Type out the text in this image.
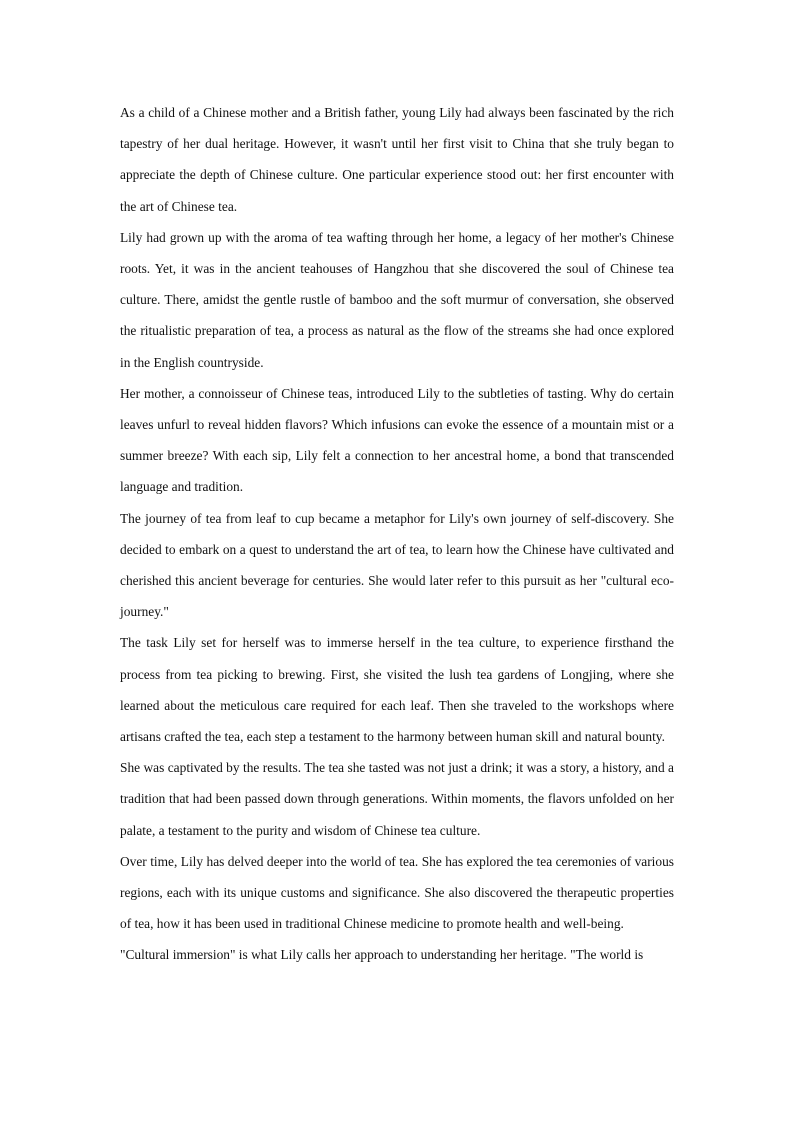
As a child of a Chinese mother and a British father, young Lily had always been fascinated by the rich tapestry of her dual heritage. However, it wasn't until her first visit to China that she truly began to appreciate the depth of Chinese culture. One particular experience stood out: her first encounter with the art of Chinese tea.

Lily had grown up with the aroma of tea wafting through her home, a legacy of her mother's Chinese roots. Yet, it was in the ancient teahouses of Hangzhou that she discovered the soul of Chinese tea culture. There, amidst the gentle rustle of bamboo and the soft murmur of conversation, she observed the ritualistic preparation of tea, a process as natural as the flow of the streams she had once explored in the English countryside.

Her mother, a connoisseur of Chinese teas, introduced Lily to the subtleties of tasting. Why do certain leaves unfurl to reveal hidden flavors? Which infusions can evoke the essence of a mountain mist or a summer breeze? With each sip, Lily felt a connection to her ancestral home, a bond that transcended language and tradition.

The journey of tea from leaf to cup became a metaphor for Lily's own journey of self-discovery. She decided to embark on a quest to understand the art of tea, to learn how the Chinese have cultivated and cherished this ancient beverage for centuries. She would later refer to this pursuit as her "cultural eco-journey."

The task Lily set for herself was to immerse herself in the tea culture, to experience firsthand the process from tea picking to brewing. First, she visited the lush tea gardens of Longjing, where she learned about the meticulous care required for each leaf. Then she traveled to the workshops where artisans crafted the tea, each step a testament to the harmony between human skill and natural bounty.

She was captivated by the results. The tea she tasted was not just a drink; it was a story, a history, and a tradition that had been passed down through generations. Within moments, the flavors unfolded on her palate, a testament to the purity and wisdom of Chinese tea culture.

Over time, Lily has delved deeper into the world of tea. She has explored the tea ceremonies of various regions, each with its unique customs and significance. She also discovered the therapeutic properties of tea, how it has been used in traditional Chinese medicine to promote health and well-being.

"Cultural immersion" is what Lily calls her approach to understanding her heritage. "The world is
